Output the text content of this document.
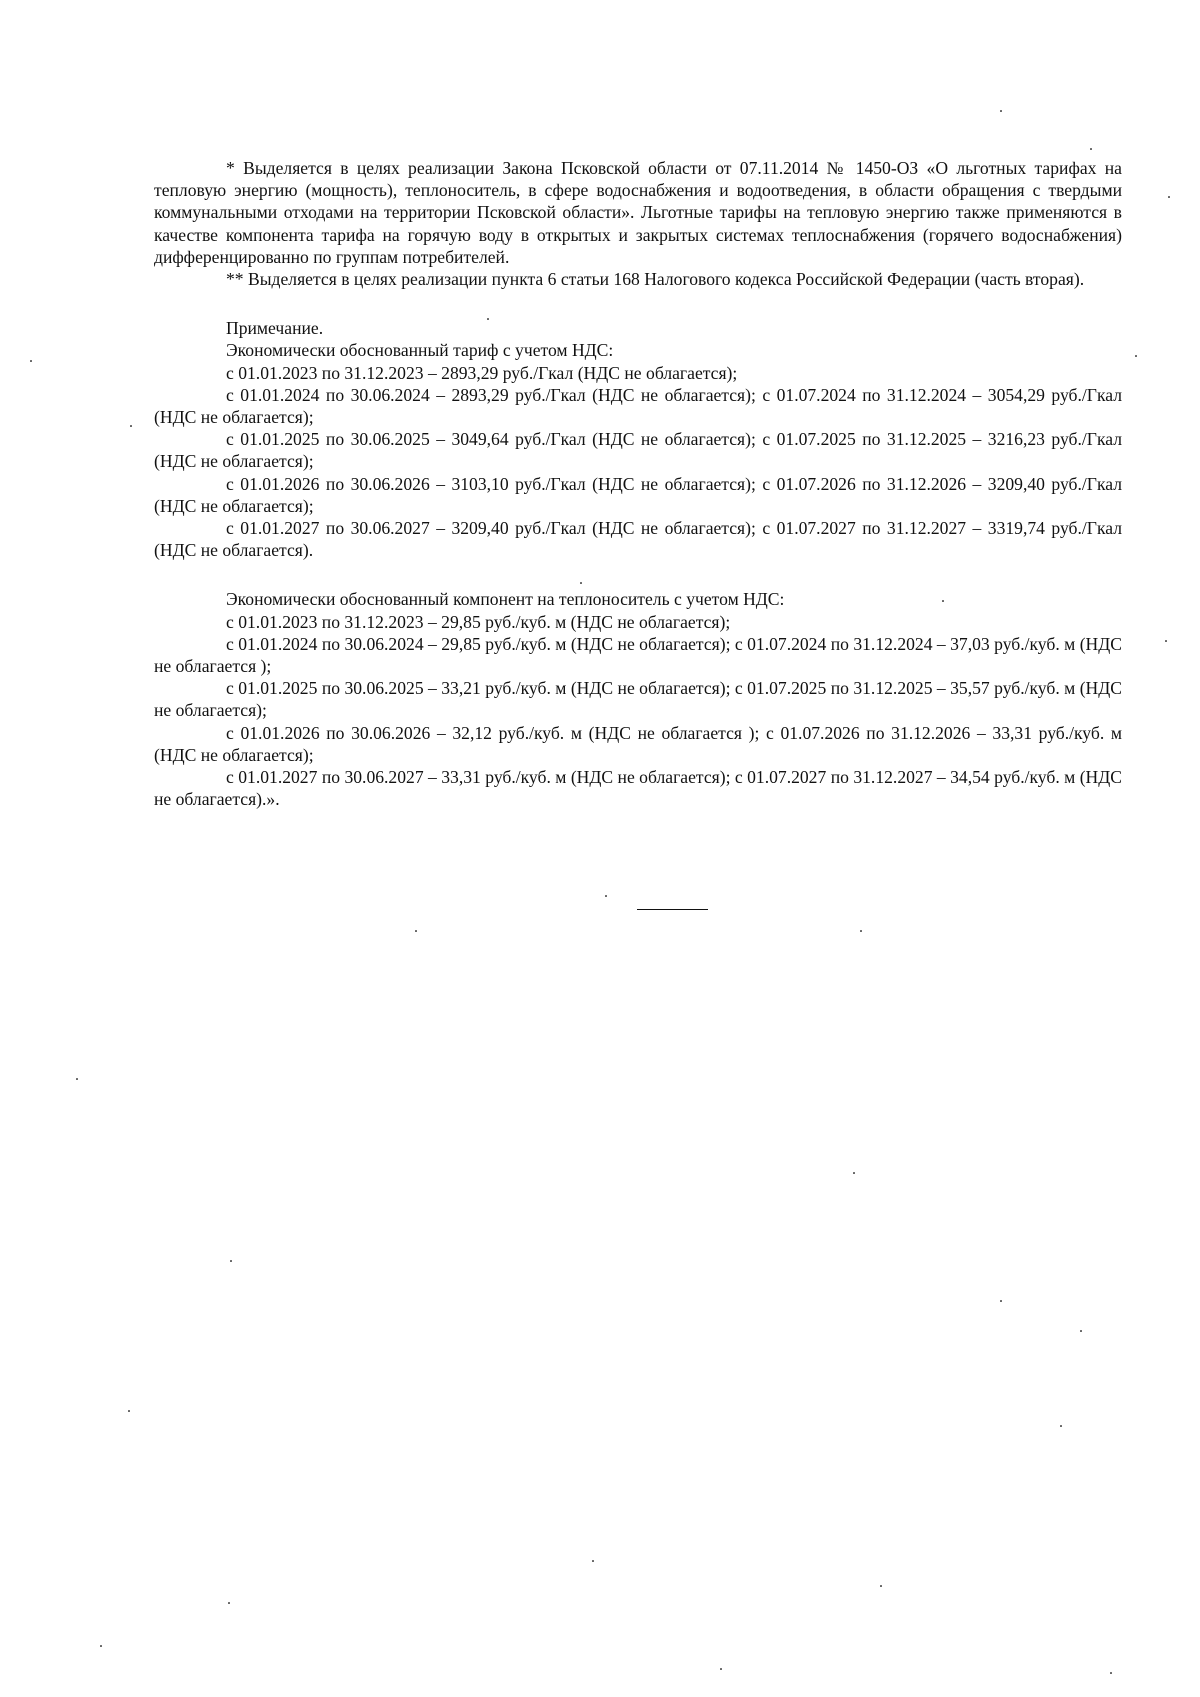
* Выделяется в целях реализации Закона Псковской области от 07.11.2014 № 1450-ОЗ «О льготных тарифах на тепловую энергию (мощность), теплоноситель, в сфере водоснабжения и водоотведения, в области обращения с твердыми коммунальными отходами на территории Псковской области». Льготные тарифы на тепловую энергию также применяются в качестве компонента тарифа на горячую воду в открытых и закрытых системах теплоснабжения (горячего водоснабжения) дифференцированно по группам потребителей.

** Выделяется в целях реализации пункта 6 статьи 168 Налогового кодекса Российской Федерации (часть вторая).

Примечание.

Экономически обоснованный тариф с учетом НДС:

с 01.01.2023 по 31.12.2023 – 2893,29 руб./Гкал (НДС не облагается);

с 01.01.2024 по 30.06.2024 – 2893,29 руб./Гкал (НДС не облагается); с 01.07.2024 по 31.12.2024 – 3054,29 руб./Гкал (НДС не облагается);

с 01.01.2025 по 30.06.2025 – 3049,64 руб./Гкал (НДС не облагается); с 01.07.2025 по 31.12.2025 – 3216,23 руб./Гкал (НДС не облагается);

с 01.01.2026 по 30.06.2026 – 3103,10 руб./Гкал (НДС не облагается); с 01.07.2026 по 31.12.2026 – 3209,40 руб./Гкал (НДС не облагается);

с 01.01.2027 по 30.06.2027 – 3209,40 руб./Гкал (НДС не облагается); с 01.07.2027 по 31.12.2027 – 3319,74 руб./Гкал (НДС не облагается).

Экономически обоснованный компонент на теплоноситель с учетом НДС:

с 01.01.2023 по 31.12.2023 – 29,85 руб./куб. м (НДС не облагается);

с 01.01.2024 по 30.06.2024 – 29,85 руб./куб. м (НДС не облагается); с 01.07.2024 по 31.12.2024 – 37,03 руб./куб. м (НДС не облагается );

с 01.01.2025 по 30.06.2025 – 33,21 руб./куб. м (НДС не облагается); с 01.07.2025 по 31.12.2025 – 35,57 руб./куб. м (НДС не облагается);

с 01.01.2026 по 30.06.2026 – 32,12 руб./куб. м (НДС не облагается ); с 01.07.2026 по 31.12.2026 – 33,31 руб./куб. м (НДС не облагается);

с 01.01.2027 по 30.06.2027 – 33,31 руб./куб. м (НДС не облагается); с 01.07.2027 по 31.12.2027 – 34,54 руб./куб. м (НДС не облагается).».
